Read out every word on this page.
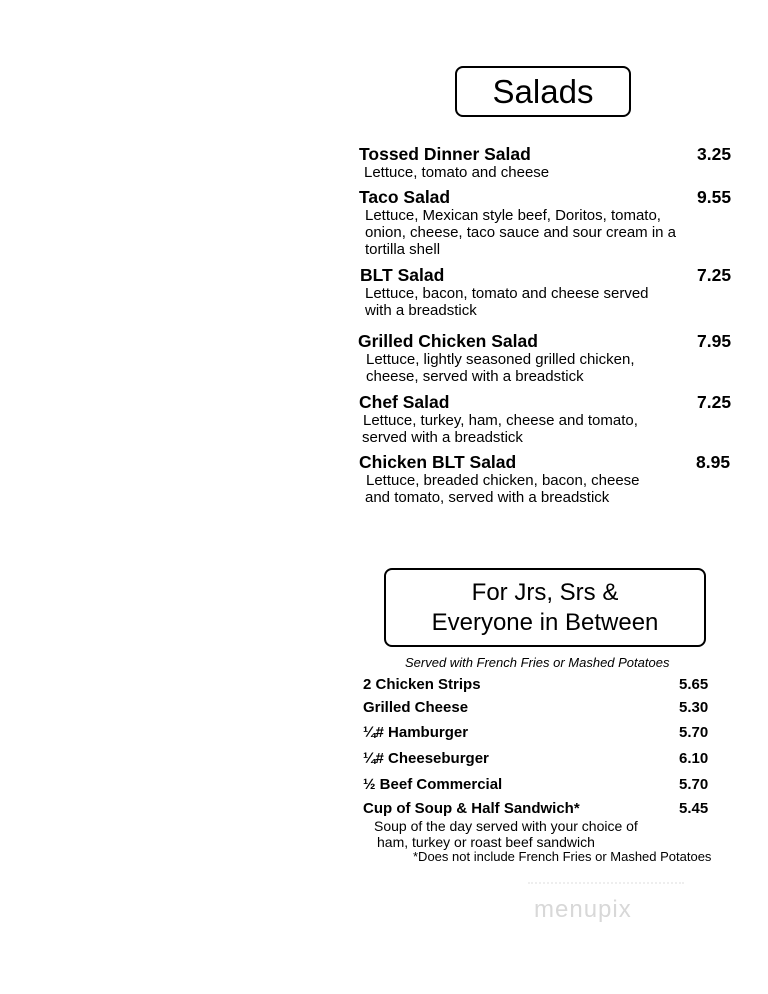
Salads
Tossed Dinner Salad	3.25
Lettuce, tomato and cheese
Taco Salad	9.55
Lettuce, Mexican style beef, Doritos, tomato,
onion, cheese, taco sauce and sour cream in a
tortilla shell
BLT Salad	7.25
Lettuce, bacon, tomato and cheese served
with a breadstick
Grilled Chicken Salad	7.95
Lettuce, lightly seasoned grilled chicken,
cheese, served with a breadstick
Chef Salad	7.25
Lettuce, turkey, ham, cheese and tomato,
served with a breadstick
Chicken BLT Salad	8.95
Lettuce, breaded chicken, bacon, cheese
and tomato, served with a breadstick
For Jrs, Srs &
Everyone in Between
Served with French Fries or Mashed Potatoes
2 Chicken Strips	5.65
Grilled Cheese	5.30
¼# Hamburger	5.70
¼# Cheeseburger	6.10
½ Beef Commercial	5.70
Cup of Soup & Half Sandwich*	5.45
Soup of the day served with your choice of
ham, turkey or roast beef sandwich
*Does not include French Fries or Mashed Potatoes
menupix
